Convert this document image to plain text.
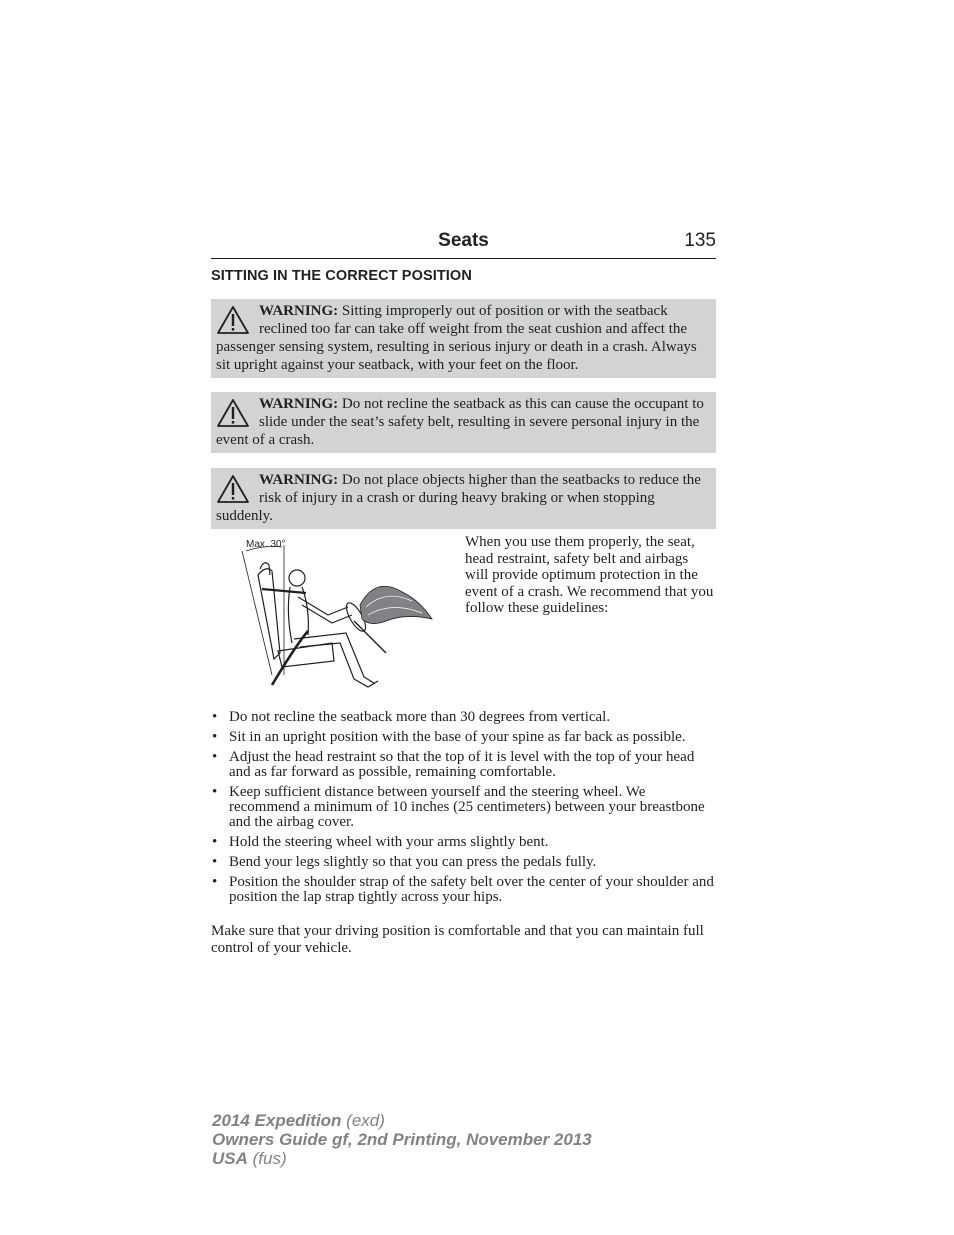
Seats	135
SITTING IN THE CORRECT POSITION
WARNING: Sitting improperly out of position or with the seatback reclined too far can take off weight from the seat cushion and affect the passenger sensing system, resulting in serious injury or death in a crash. Always sit upright against your seatback, with your feet on the floor.
WARNING: Do not recline the seatback as this can cause the occupant to slide under the seat’s safety belt, resulting in severe personal injury in the event of a crash.
WARNING: Do not place objects higher than the seatbacks to reduce the risk of injury in a crash or during heavy braking or when stopping suddenly.
Max. 30°	When you use them properly, the seat, head restraint, safety belt and airbags will provide optimum protection in the event of a crash. We recommend that you follow these guidelines:
• Do not recline the seatback more than 30 degrees from vertical.
• Sit in an upright position with the base of your spine as far back as possible.
• Adjust the head restraint so that the top of it is level with the top of your head and as far forward as possible, remaining comfortable.
• Keep sufficient distance between yourself and the steering wheel. We recommend a minimum of 10 inches (25 centimeters) between your breastbone and the airbag cover.
• Hold the steering wheel with your arms slightly bent.
• Bend your legs slightly so that you can press the pedals fully.
• Position the shoulder strap of the safety belt over the center of your shoulder and position the lap strap tightly across your hips.
Make sure that your driving position is comfortable and that you can maintain full control of your vehicle.
2014 Expedition (exd)
Owners Guide gf, 2nd Printing, November 2013
USA (fus)
